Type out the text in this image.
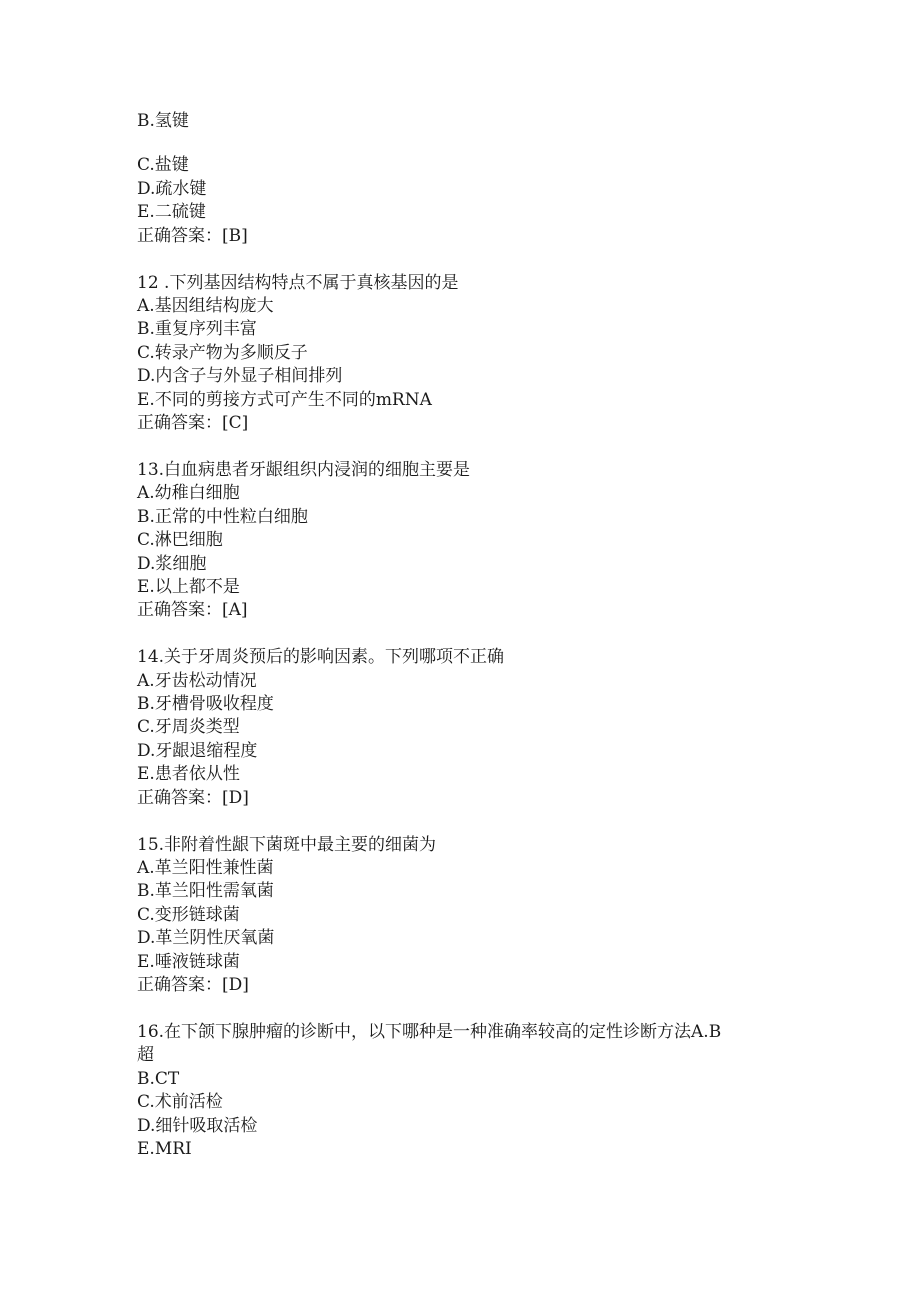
B.氢键

C.盐键

D.疏水键

E.二硫键

正确答案：[B]

12 .下列基因结构特点不属于真核基因的是

A.基因组结构庞大

B.重复序列丰富

C.转录产物为多顺反子

D.内含子与外显子相间排列

E.不同的剪接方式可产生不同的mRNA

正确答案：[C]

13.白血病患者牙龈组织内浸润的细胞主要是

A.幼稚白细胞

B.正常的中性粒白细胞

C.淋巴细胞

D.浆细胞

E.以上都不是

正确答案：[A]

14.关于牙周炎预后的影响因素。下列哪项不正确

A.牙齿松动情况

B.牙槽骨吸收程度

C.牙周炎类型

D.牙龈退缩程度

E.患者依从性

正确答案：[D]

15.非附着性龈下菌斑中最主要的细菌为

A.革兰阳性兼性菌

B.革兰阳性需氧菌

C.变形链球菌

D.革兰阴性厌氧菌

E.唾液链球菌

正确答案：[D]

16.在下颌下腺肿瘤的诊断中，以下哪种是一种准确率较高的定性诊断方法A.B

超

B.CT

C.术前活检

D.细针吸取活检

E.MRI
